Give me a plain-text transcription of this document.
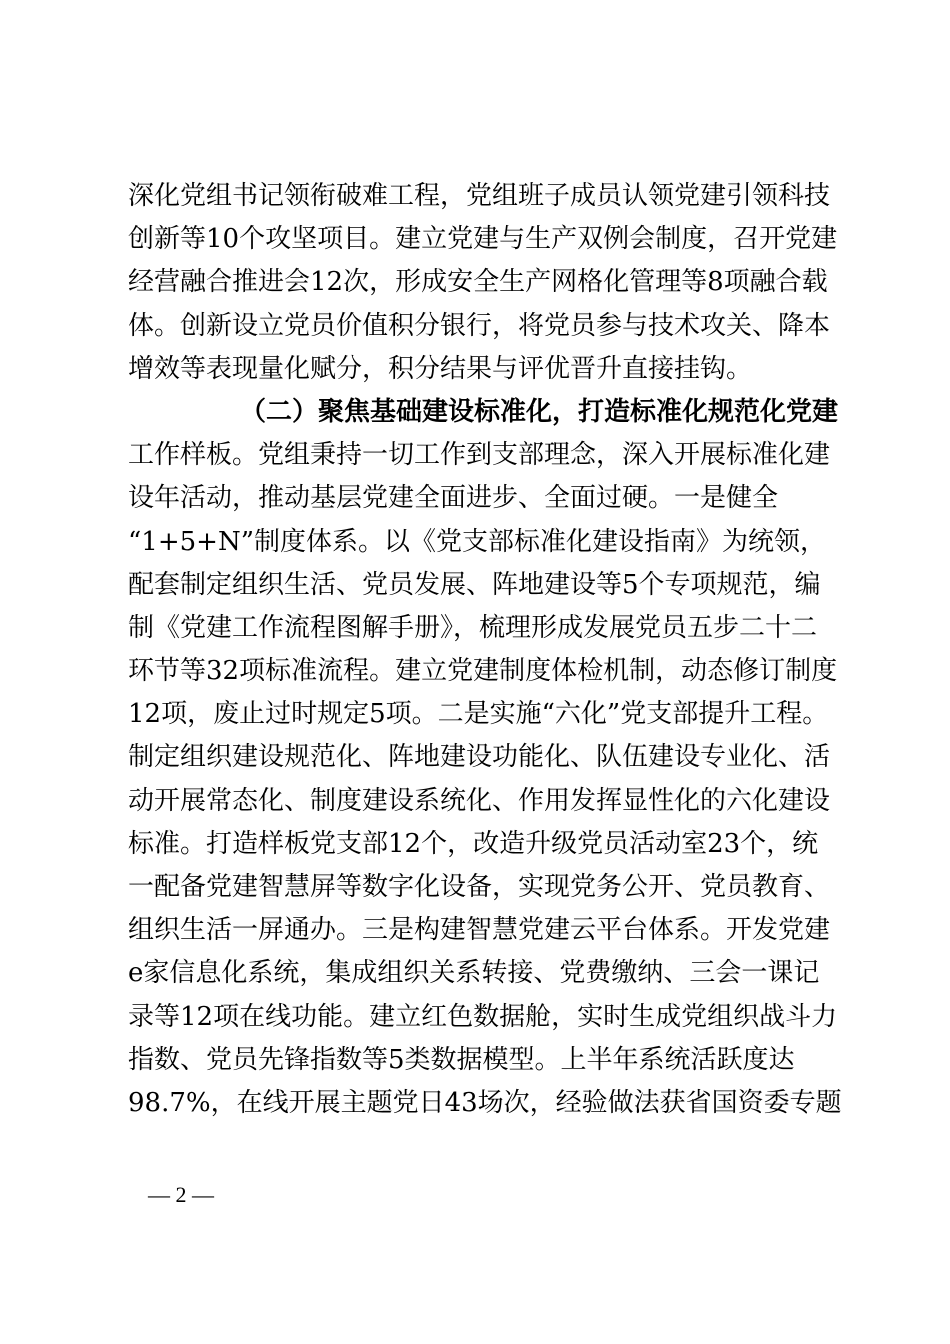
深化党组书记领衔破难工程，党组班子成员认领党建引领科技
创新等10个攻坚项目。建立党建与生产双例会制度，召开党建
经营融合推进会12次，形成安全生产网格化管理等8项融合载
体。创新设立党员价值积分银行，将党员参与技术攻关、降本
增效等表现量化赋分，积分结果与评优晋升直接挂钩。
（二）聚焦基础建设标准化，打造标准化规范化党建
工作样板。党组秉持一切工作到支部理念，深入开展标准化建
设年活动，推动基层党建全面进步、全面过硬。一是健全
“1+5+N”制度体系。以《党支部标准化建设指南》为统领，
配套制定组织生活、党员发展、阵地建设等5个专项规范，编
制《党建工作流程图解手册》，梳理形成发展党员五步二十二
环节等32项标准流程。建立党建制度体检机制，动态修订制度
12项，废止过时规定5项。二是实施“六化”党支部提升工程。
制定组织建设规范化、阵地建设功能化、队伍建设专业化、活
动开展常态化、制度建设系统化、作用发挥显性化的六化建设
标准。打造样板党支部12个，改造升级党员活动室23个，统
一配备党建智慧屏等数字化设备，实现党务公开、党员教育、
组织生活一屏通办。三是构建智慧党建云平台体系。开发党建
e家信息化系统，集成组织关系转接、党费缴纳、三会一课记
录等12项在线功能。建立红色数据舱，实时生成党组织战斗力
指数、党员先锋指数等5类数据模型。上半年系统活跃度达
98.7%，在线开展主题党日43场次，经验做法获省国资委专题
— 2 —
